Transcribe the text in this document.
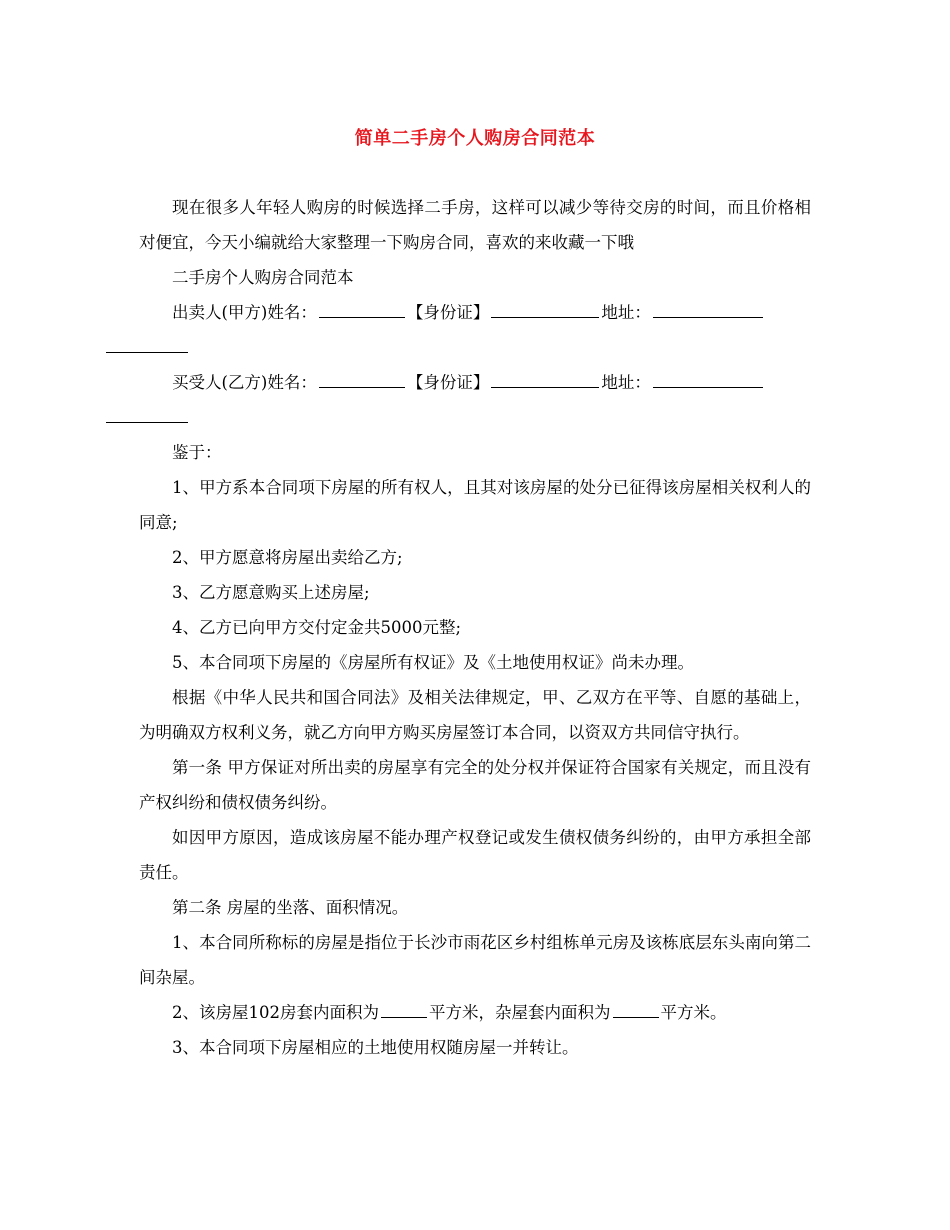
简单二手房个人购房合同范本

现在很多人年轻人购房的时候选择二手房，这样可以减少等待交房的时间，而且价格相对便宜，今天小编就给大家整理一下购房合同，喜欢的来收藏一下哦

二手房个人购房合同范本

出卖人(甲方)姓名：	【身份证】	地址：

买受人(乙方)姓名：	【身份证】	地址：

鉴于：

1、甲方系本合同项下房屋的所有权人，且其对该房屋的处分已征得该房屋相关权利人的同意;

2、甲方愿意将房屋出卖给乙方;

3、乙方愿意购买上述房屋;

4、乙方已向甲方交付定金共5000元整;

5、本合同项下房屋的《房屋所有权证》及《土地使用权证》尚未办理。

根据《中华人民共和国合同法》及相关法律规定，甲、乙双方在平等、自愿的基础上，为明确双方权利义务，就乙方向甲方购买房屋签订本合同，以资双方共同信守执行。

第一条 甲方保证对所出卖的房屋享有完全的处分权并保证符合国家有关规定，而且没有产权纠纷和债权债务纠纷。

如因甲方原因，造成该房屋不能办理产权登记或发生债权债务纠纷的，由甲方承担全部责任。

第二条 房屋的坐落、面积情况。

1、本合同所称标的房屋是指位于长沙市雨花区乡村组栋单元房及该栋底层东头南向第二间杂屋。

2、该房屋102房套内面积为	平方米，杂屋套内面积为	平方米。

3、本合同项下房屋相应的土地使用权随房屋一并转让。
